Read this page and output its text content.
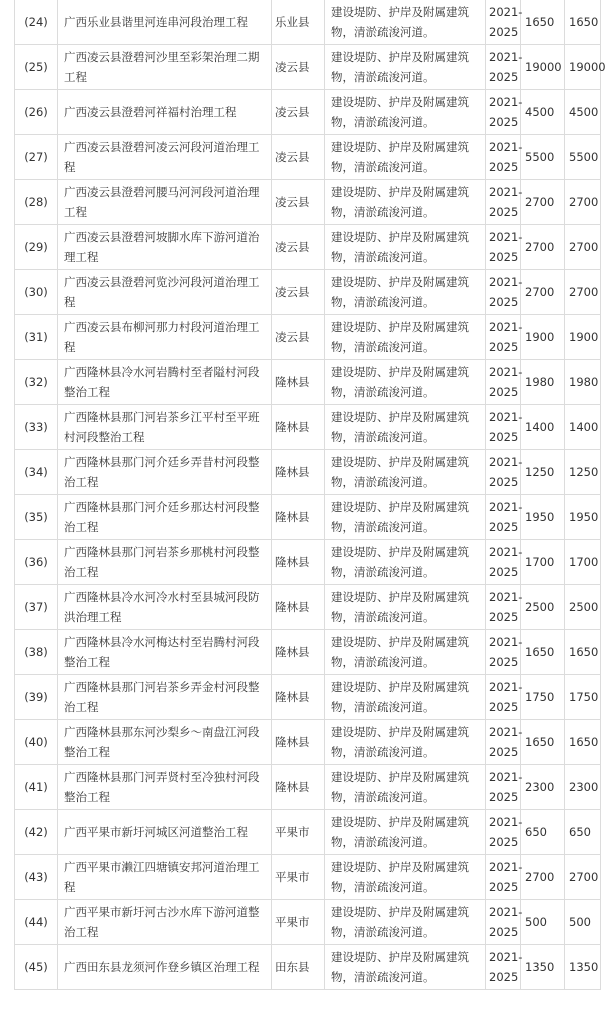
(24)	广西乐业县谐里河连串河段治理工程	乐业县	建设堤防、护岸及附属建筑物，清淤疏浚河道。	2021-2025	1650	1650
(25)	广西凌云县澄碧河沙里至彩架治理二期工程	凌云县	建设堤防、护岸及附属建筑物，清淤疏浚河道。	2021-2025	19000	19000
(26)	广西凌云县澄碧河祥福村治理工程	凌云县	建设堤防、护岸及附属建筑物，清淤疏浚河道。	2021-2025	4500	4500
(27)	广西凌云县澄碧河凌云河段河道治理工程	凌云县	建设堤防、护岸及附属建筑物，清淤疏浚河道。	2021-2025	5500	5500
(28)	广西凌云县澄碧河腰马河河段河道治理工程	凌云县	建设堤防、护岸及附属建筑物，清淤疏浚河道。	2021-2025	2700	2700
(29)	广西凌云县澄碧河坡脚水库下游河道治理工程	凌云县	建设堤防、护岸及附属建筑物，清淤疏浚河道。	2021-2025	2700	2700
(30)	广西凌云县澄碧河览沙河段河道治理工程	凌云县	建设堤防、护岸及附属建筑物，清淤疏浚河道。	2021-2025	2700	2700
(31)	广西凌云县布柳河那力村段河道治理工程	凌云县	建设堤防、护岸及附属建筑物，清淤疏浚河道。	2021-2025	1900	1900
(32)	广西隆林县冷水河岩腾村至者隘村河段整治工程	隆林县	建设堤防、护岸及附属建筑物，清淤疏浚河道。	2021-2025	1980	1980
(33)	广西隆林县那门河岩茶乡江平村至平班村河段整治工程	隆林县	建设堤防、护岸及附属建筑物，清淤疏浚河道。	2021-2025	1400	1400
(34)	广西隆林县那门河介廷乡弄昔村河段整治工程	隆林县	建设堤防、护岸及附属建筑物，清淤疏浚河道。	2021-2025	1250	1250
(35)	广西隆林县那门河介廷乡那达村河段整治工程	隆林县	建设堤防、护岸及附属建筑物，清淤疏浚河道。	2021-2025	1950	1950
(36)	广西隆林县那门河岩茶乡那桃村河段整治工程	隆林县	建设堤防、护岸及附属建筑物，清淤疏浚河道。	2021-2025	1700	1700
(37)	广西隆林县冷水河冷水村至县城河段防洪治理工程	隆林县	建设堤防、护岸及附属建筑物，清淤疏浚河道。	2021-2025	2500	2500
(38)	广西隆林县冷水河梅达村至岩腾村河段整治工程	隆林县	建设堤防、护岸及附属建筑物，清淤疏浚河道。	2021-2025	1650	1650
(39)	广西隆林县那门河岩茶乡弄金村河段整治工程	隆林县	建设堤防、护岸及附属建筑物，清淤疏浚河道。	2021-2025	1750	1750
(40)	广西隆林县那东河沙梨乡～南盘江河段整治工程	隆林县	建设堤防、护岸及附属建筑物，清淤疏浚河道。	2021-2025	1650	1650
(41)	广西隆林县那门河弄贤村至冷独村河段整治工程	隆林县	建设堤防、护岸及附属建筑物，清淤疏浚河道。	2021-2025	2300	2300
(42)	广西平果市新圩河城区河道整治工程	平果市	建设堤防、护岸及附属建筑物，清淤疏浚河道。	2021-2025	650	650
(43)	广西平果市濑江四塘镇安邦河道治理工程	平果市	建设堤防、护岸及附属建筑物，清淤疏浚河道。	2021-2025	2700	2700
(44)	广西平果市新圩河古沙水库下游河道整治工程	平果市	建设堤防、护岸及附属建筑物，清淤疏浚河道。	2021-2025	500	500
(45)	广西田东县龙须河作登乡镇区治理工程	田东县	建设堤防、护岸及附属建筑物，清淤疏浚河道。	2021-2025	1350	1350
